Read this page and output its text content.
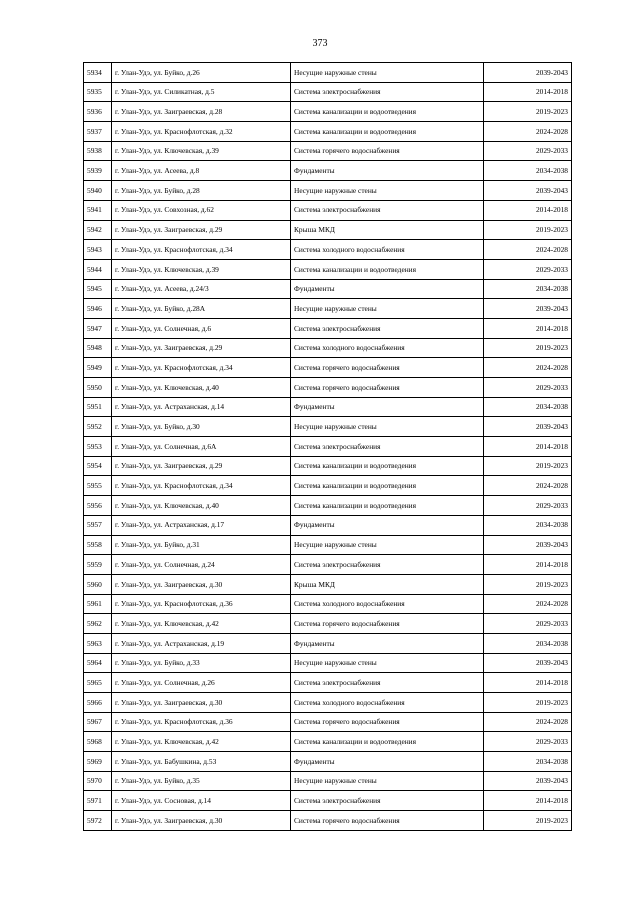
373
5934	г. Улан-Удэ, ул. Буйко, д.26	Несущие наружные стены	2039-2043
5935	г. Улан-Удэ, ул. Силикатная, д.5	Система электроснабжения	2014-2018
5936	г. Улан-Удэ, ул. Заиграевская, д.28	Система канализации и водоотведения	2019-2023
5937	г. Улан-Удэ, ул. Краснофлотская, д.32	Система канализации и водоотведения	2024-2028
5938	г. Улан-Удэ, ул. Ключевская, д.39	Система горячего водоснабжения	2029-2033
5939	г. Улан-Удэ, ул. Асеева, д.8	Фундаменты	2034-2038
5940	г. Улан-Удэ, ул. Буйко, д.28	Несущие наружные стены	2039-2043
5941	г. Улан-Удэ, ул. Совхозная, д.62	Система электроснабжения	2014-2018
5942	г. Улан-Удэ, ул. Заиграевская, д.29	Крыша МКД	2019-2023
5943	г. Улан-Удэ, ул. Краснофлотская, д.34	Система холодного водоснабжения	2024-2028
5944	г. Улан-Удэ, ул. Ключевская, д.39	Система канализации и водоотведения	2029-2033
5945	г. Улан-Удэ, ул. Асеева, д.24/3	Фундаменты	2034-2038
5946	г. Улан-Удэ, ул. Буйко, д.28А	Несущие наружные стены	2039-2043
5947	г. Улан-Удэ, ул. Солнечная, д.6	Система электроснабжения	2014-2018
5948	г. Улан-Удэ, ул. Заиграевская, д.29	Система холодного водоснабжения	2019-2023
5949	г. Улан-Удэ, ул. Краснофлотская, д.34	Система горячего водоснабжения	2024-2028
5950	г. Улан-Удэ, ул. Ключевская, д.40	Система горячего водоснабжения	2029-2033
5951	г. Улан-Удэ, ул. Астраханская, д.14	Фундаменты	2034-2038
5952	г. Улан-Удэ, ул. Буйко, д.30	Несущие наружные стены	2039-2043
5953	г. Улан-Удэ, ул. Солнечная, д.6А	Система электроснабжения	2014-2018
5954	г. Улан-Удэ, ул. Заиграевская, д.29	Система канализации и водоотведения	2019-2023
5955	г. Улан-Удэ, ул. Краснофлотская, д.34	Система канализации и водоотведения	2024-2028
5956	г. Улан-Удэ, ул. Ключевская, д.40	Система канализации и водоотведения	2029-2033
5957	г. Улан-Удэ, ул. Астраханская, д.17	Фундаменты	2034-2038
5958	г. Улан-Удэ, ул. Буйко, д.31	Несущие наружные стены	2039-2043
5959	г. Улан-Удэ, ул. Солнечная, д.24	Система электроснабжения	2014-2018
5960	г. Улан-Удэ, ул. Заиграевская, д.30	Крыша МКД	2019-2023
5961	г. Улан-Удэ, ул. Краснофлотская, д.36	Система холодного водоснабжения	2024-2028
5962	г. Улан-Удэ, ул. Ключевская, д.42	Система горячего водоснабжения	2029-2033
5963	г. Улан-Удэ, ул. Астраханская, д.19	Фундаменты	2034-2038
5964	г. Улан-Удэ, ул. Буйко, д.33	Несущие наружные стены	2039-2043
5965	г. Улан-Удэ, ул. Солнечная, д.26	Система электроснабжения	2014-2018
5966	г. Улан-Удэ, ул. Заиграевская, д.30	Система холодного водоснабжения	2019-2023
5967	г. Улан-Удэ, ул. Краснофлотская, д.36	Система горячего водоснабжения	2024-2028
5968	г. Улан-Удэ, ул. Ключевская, д.42	Система канализации и водоотведения	2029-2033
5969	г. Улан-Удэ, ул. Бабушкина, д.53	Фундаменты	2034-2038
5970	г. Улан-Удэ, ул. Буйко, д.35	Несущие наружные стены	2039-2043
5971	г. Улан-Удэ, ул. Сосновая, д.14	Система электроснабжения	2014-2018
5972	г. Улан-Удэ, ул. Заиграевская, д.30	Система горячего водоснабжения	2019-2023
